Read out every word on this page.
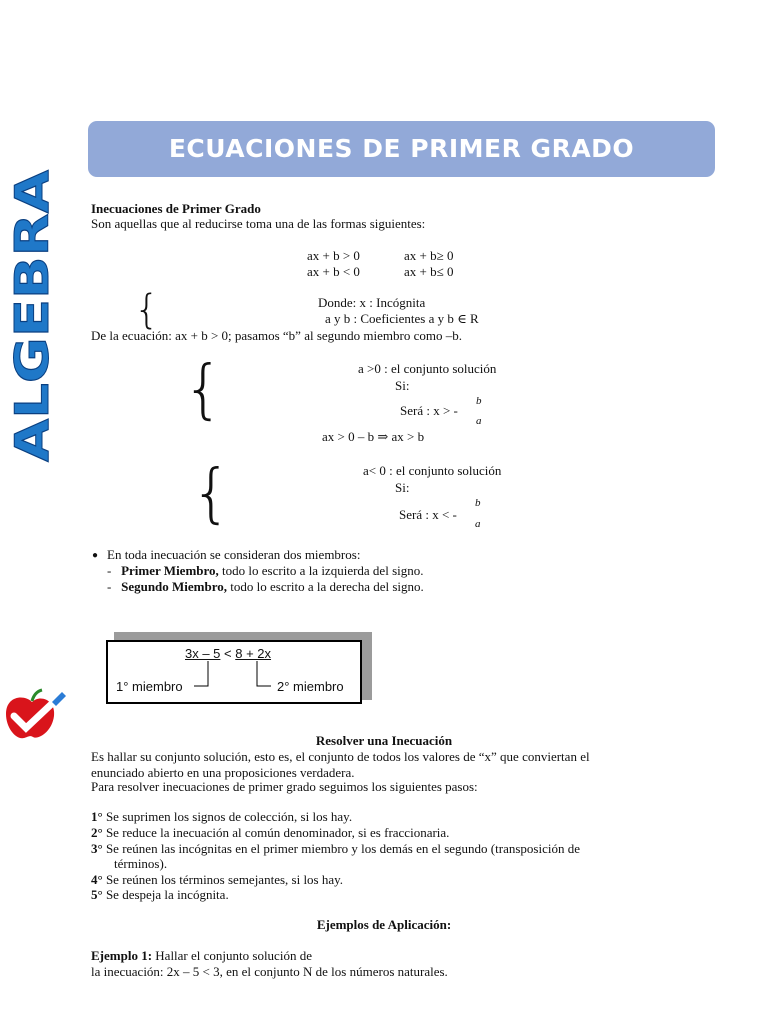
ALGEBRA
ECUACIONES DE PRIMER GRADO
Inecuaciones de Primer Grado
Son aquellas que al reducirse toma una de las formas siguientes:
ax + b > 0	ax + b≥ 0
ax + b < 0	ax + b≤ 0
{	Donde: x : Incógnita
a y b : Coeficientes a y b ∈ R
De la ecuación: ax + b > 0; pasamos “b” al segundo miembro como –b.
{	a >0 : el conjunto solución
Si:
Será : x > -
b
a
ax > 0 – b ⇒ ax > b
{	a< 0 : el conjunto solución
Si:
Será : x < -
b
a
● En toda inecuación se consideran dos miembros:
-   Primer Miembro, todo lo escrito a la izquierda del signo.
-   Segundo Miembro, todo lo escrito a la derecha del signo.
3x – 5 < 8 + 2x
1° miembro	2° miembro
Resolver una Inecuación
Es hallar su conjunto solución, esto es, el conjunto de todos los valores de “x” que conviertan el
enunciado abierto en una proposiciones verdadera.
Para resolver inecuaciones de primer grado seguimos los siguientes pasos:
1° Se suprimen los signos de colección, si los hay.
2° Se reduce la inecuación al común denominador, si es fraccionaria.
3° Se reúnen las incógnitas en el primer miembro y los demás en el segundo (transposición de
términos).
4° Se reúnen los términos semejantes, si los hay.
5° Se despeja la incógnita.
Ejemplos de Aplicación:
Ejemplo 1: Hallar el conjunto solución de
la inecuación: 2x – 5 < 3, en el conjunto N de los números naturales.
